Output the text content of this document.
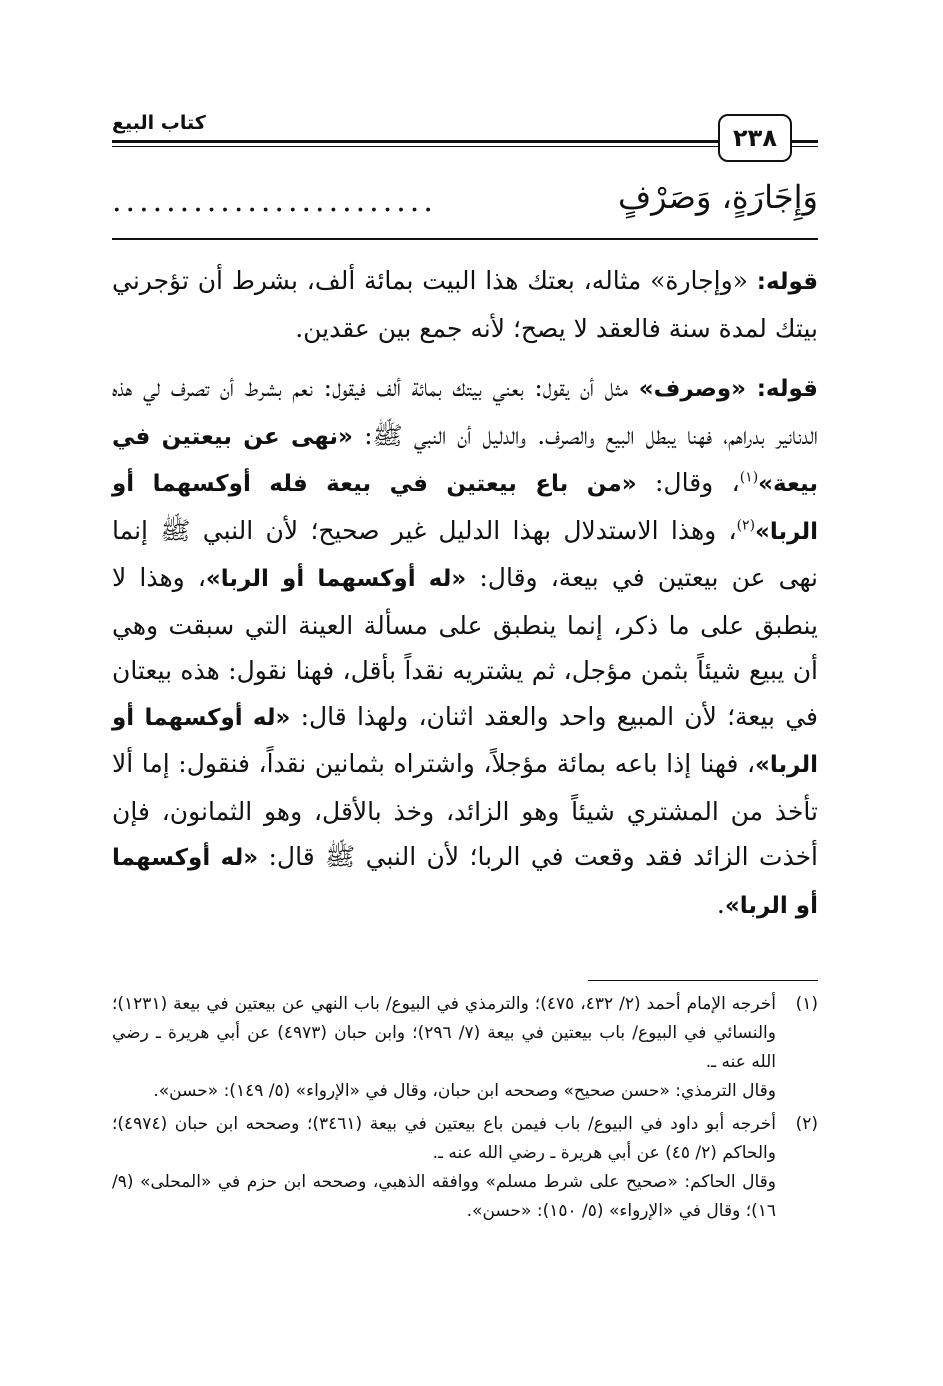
كتاب البيع
٢٣٨
وَإِجَارَةٍ، وَصَرْفٍ
........................

قوله: «وإجارة» مثاله، بعتك هذا البيت بمائة ألف، بشرط أن تؤجرني بيتك لمدة سنة فالعقد لا يصح؛ لأنه جمع بين عقدين.

قوله: «وصرف» مثل أن يقول: بعني بيتك بمائة ألف فيقول: نعم بشرط أن تصرف لي هذه الدنانير بدراهم، فهنا يبطل البيع والصرف. والدليل أن النبي ﷺ: «نهى عن بيعتين في بيعة»$^{(١)}$، وقال: «من باع بيعتين في بيعة فله أوكسهما أو الربا»$^{(٢)}$، وهذا الاستدلال بهذا الدليل غير صحيح؛ لأن النبي ﷺ إنما نهى عن بيعتين في بيعة، وقال: «له أوكسهما أو الربا»، وهذا لا ينطبق على ما ذكر، إنما ينطبق على مسألة العينة التي سبقت وهي أن يبيع شيئاً بثمن مؤجل، ثم يشتريه نقداً بأقل، فهنا نقول: هذه بيعتان في بيعة؛ لأن المبيع واحد والعقد اثنان، ولهذا قال: «له أوكسهما أو الربا»، فهنا إذا باعه بمائة مؤجلاً، واشتراه بثمانين نقداً، فنقول: إما ألا تأخذ من المشتري شيئاً وهو الزائد، وخذ بالأقل، وهو الثمانون، فإن أخذت الزائد فقد وقعت في الربا؛ لأن النبي ﷺ قال: «له أوكسهما أو الربا».

(١)
أخرجه الإمام أحمد (٢/ ٤٣٢، ٤٧٥)؛ والترمذي في البيوع/ باب النهي عن بيعتين في بيعة (١٢٣١)؛ والنسائي في البيوع/ باب بيعتين في بيعة (٧/ ٢٩٦)؛ وابن حبان (٤٩٧٣) عن أبي هريرة ـ رضي الله عنه ـ.
وقال الترمذي: «حسن صحيح» وصححه ابن حبان، وقال في «الإرواء» (٥/ ١٤٩): «حسن».
(٢)
أخرجه أبو داود في البيوع/ باب فيمن باع بيعتين في بيعة (٣٤٦١)؛ وصححه ابن حبان (٤٩٧٤)؛ والحاكم (٢/ ٤٥) عن أبي هريرة ـ رضي الله عنه ـ.
وقال الحاكم: «صحيح على شرط مسلم» ووافقه الذهبي، وصححه ابن حزم في «المحلى» (٩/ ١٦)؛ وقال في «الإرواء» (٥/ ١٥٠): «حسن».
